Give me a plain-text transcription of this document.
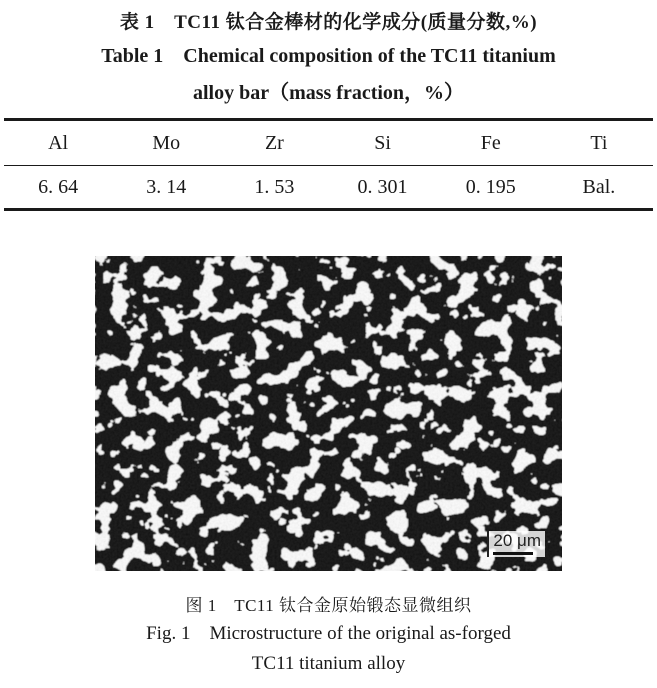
表 1　TC11 钛合金棒材的化学成分(质量分数,%)

Table 1　Chemical composition of the TC11 titanium

alloy bar（mass fraction，%）

Al	Mo	Zr	Si	Fe	Ti
6. 64	3. 14	1. 53	0. 301	0. 195	Bal.
20 μm

图 1　TC11 钛合金原始锻态显微组织

Fig. 1　Microstructure of the original as-forged

TC11 titanium alloy
